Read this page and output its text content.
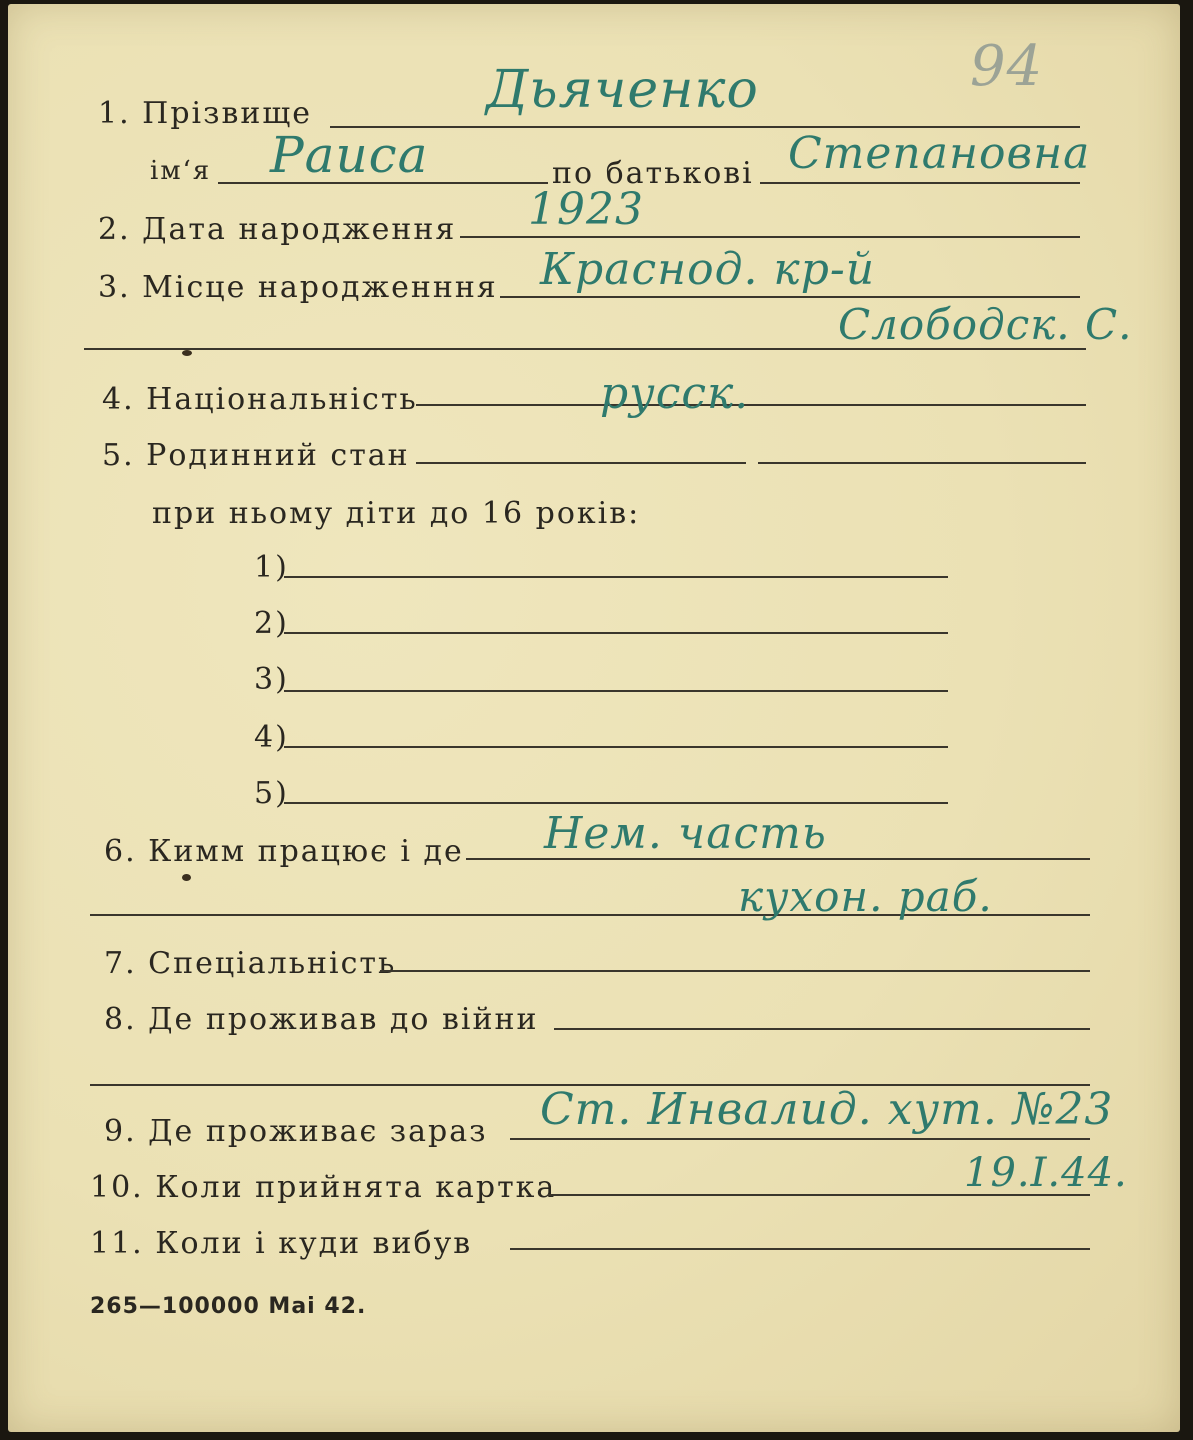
94
1. Прізвище	Дьяченко
ім‘я Раиса	по батькові Степановна
2. Дата народження 1923
3. Місце народженння Краснод. кр-й
Слободск. С.
4. Національність	русск.
5. Родинний стан
при ньому діти до 16 років:
1)
2)
3)
4)
5)
6. Кимм працює і де Нем. часть
кухон. раб.
7. Спеціальність
8. Де проживав до війни
9. Де проживає зараз Ст. Инвалид. хут. №23
10. Коли прийнята картка	19.I.44.
11. Коли і куди вибув
265—100000 Mai 42.
